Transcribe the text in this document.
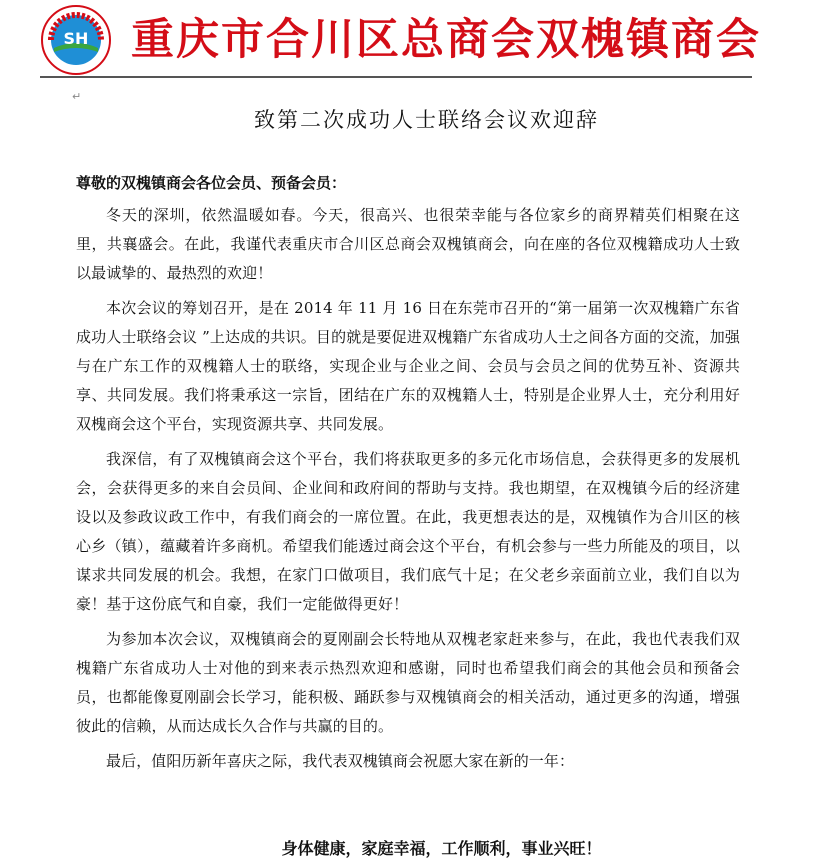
SH 重庆市合川区总商会双槐镇商会
↵
致第二次成功人士联络会议欢迎辞
尊敬的双槐镇商会各位会员、预备会员：

冬天的深圳，依然温暖如春。今天，很高兴、也很荣幸能与各位家乡的商界精英们相聚在这里，共襄盛会。在此，我谨代表重庆市合川区总商会双槐镇商会，向在座的各位双槐籍成功人士致以最诚挚的、最热烈的欢迎！

本次会议的筹划召开，是在 2014 年 11 月 16 日在东莞市召开的“第一届第一次双槐籍广东省成功人士联络会议 ”上达成的共识。目的就是要促进双槐籍广东省成功人士之间各方面的交流，加强与在广东工作的双槐籍人士的联络，实现企业与企业之间、会员与会员之间的优势互补、资源共享、共同发展。我们将秉承这一宗旨，团结在广东的双槐籍人士，特别是企业界人士，充分利用好双槐商会这个平台，实现资源共享、共同发展。

我深信，有了双槐镇商会这个平台，我们将获取更多的多元化市场信息，会获得更多的发展机会，会获得更多的来自会员间、企业间和政府间的帮助与支持。我也期望，在双槐镇今后的经济建设以及参政议政工作中，有我们商会的一席位置。在此，我更想表达的是，双槐镇作为合川区的核心乡（镇），蕴藏着许多商机。希望我们能透过商会这个平台，有机会参与一些力所能及的项目，以谋求共同发展的机会。我想，在家门口做项目，我们底气十足；在父老乡亲面前立业，我们自以为豪！基于这份底气和自豪，我们一定能做得更好！

为参加本次会议，双槐镇商会的夏刚副会长特地从双槐老家赶来参与，在此，我也代表我们双槐籍广东省成功人士对他的到来表示热烈欢迎和感谢，同时也希望我们商会的其他会员和预备会员，也都能像夏刚副会长学习，能积极、踊跃参与双槐镇商会的相关活动，通过更多的沟通，增强彼此的信赖，从而达成长久合作与共赢的目的。

最后，值阳历新年喜庆之际，我代表双槐镇商会祝愿大家在新的一年：

身体健康，家庭幸福，工作顺利，事业兴旺！
